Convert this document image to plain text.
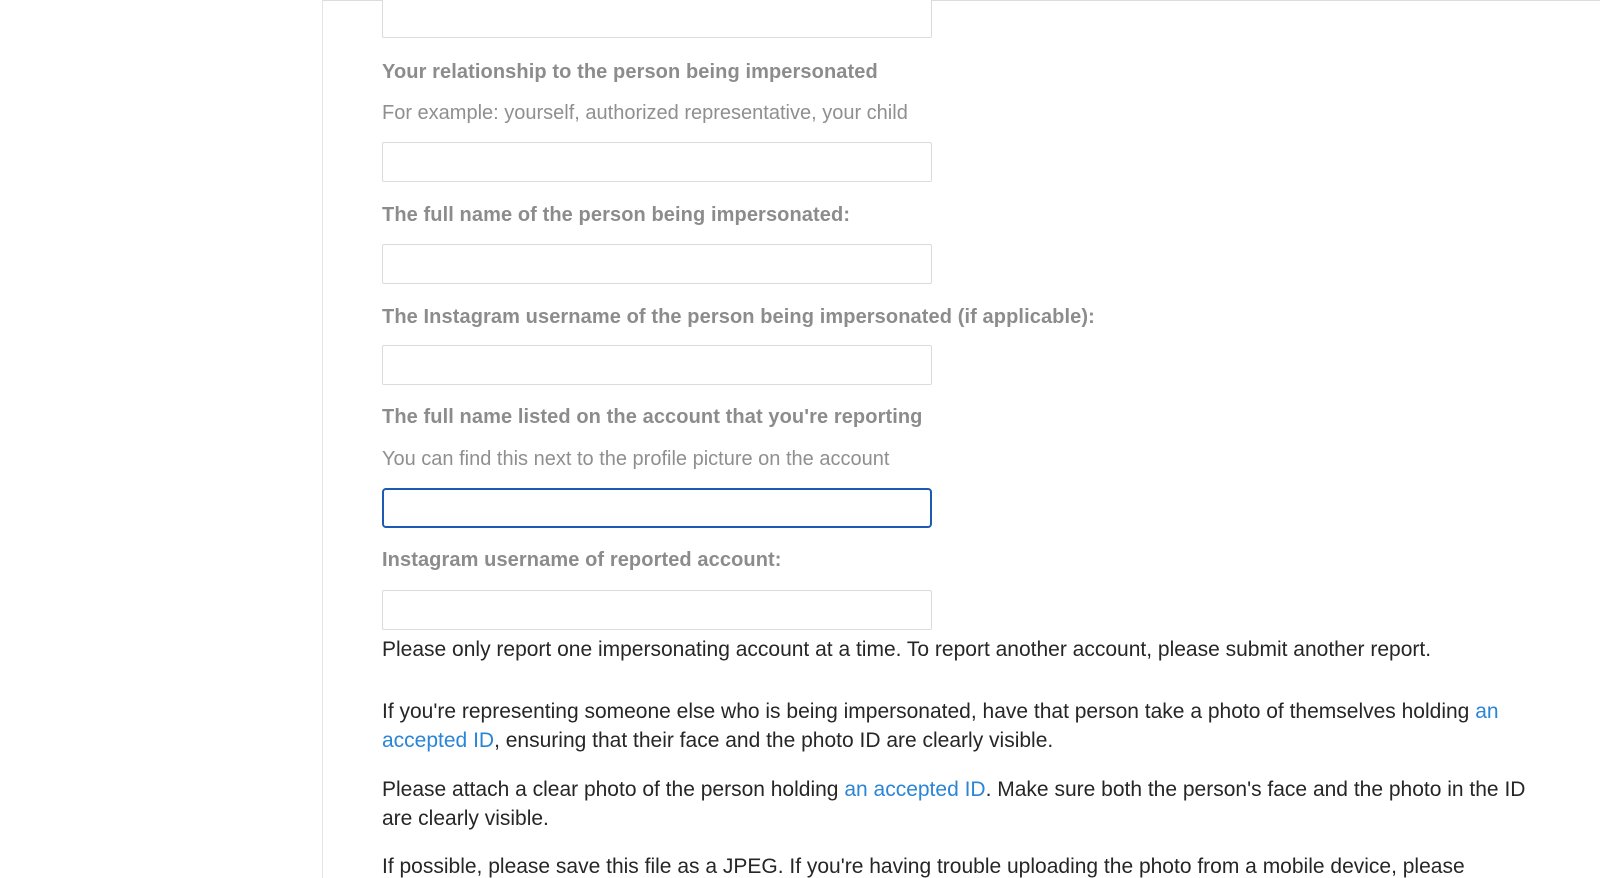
Your relationship to the person being impersonated
For example: yourself, authorized representative, your child
The full name of the person being impersonated:
The Instagram username of the person being impersonated (if applicable):
The full name listed on the account that you're reporting
You can find this next to the profile picture on the account
Instagram username of reported account:

Please only report one impersonating account at a time. To report another account, please submit another report.

If you're representing someone else who is being impersonated, have that person take a photo of themselves holding an accepted ID, ensuring that their face and the photo ID are clearly visible.

Please attach a clear photo of the person holding an accepted ID. Make sure both the person's face and the photo in the ID are clearly visible.

If possible, please save this file as a JPEG. If you're having trouble uploading the photo from a mobile device, please
